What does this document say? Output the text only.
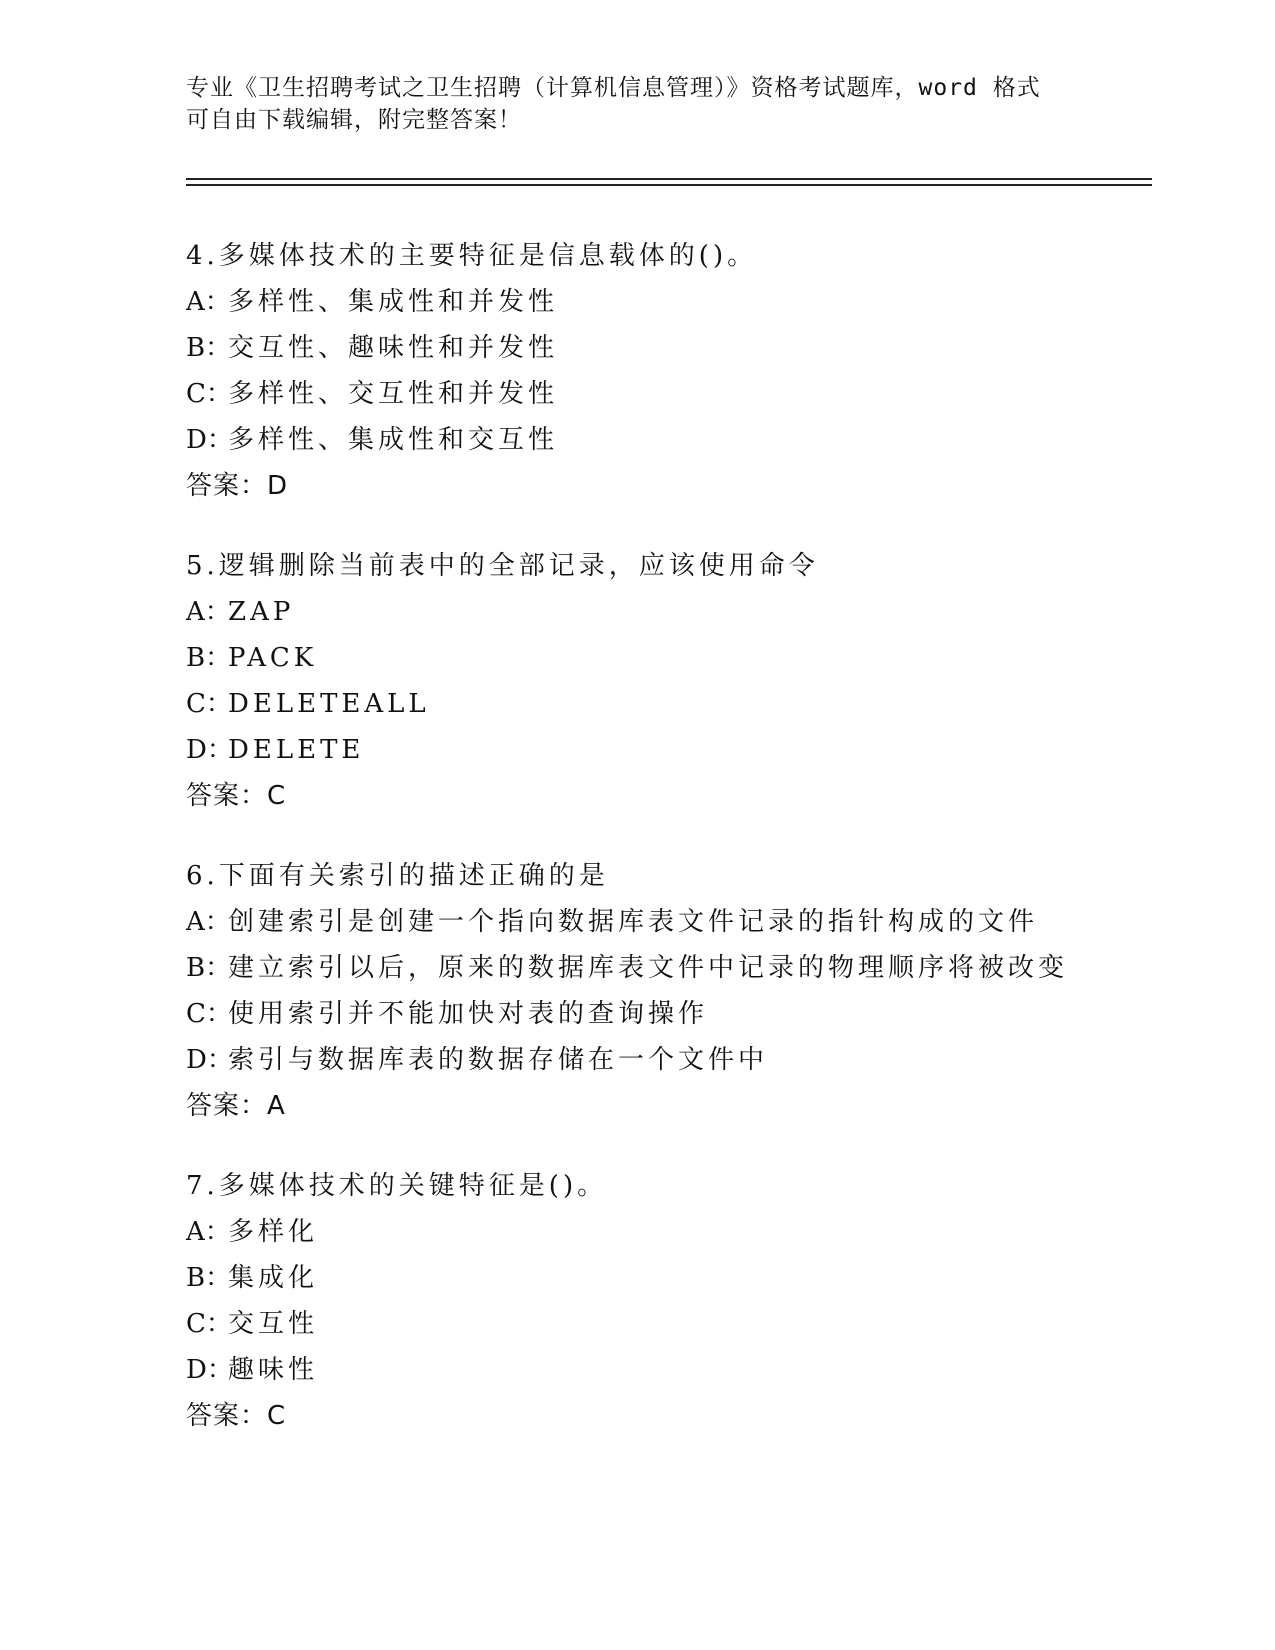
专业《卫生招聘考试之卫生招聘（计算机信息管理）》资格考试题库，word 格式
可自由下载编辑，附完整答案！
4.多媒体技术的主要特征是信息载体的()。
A：多样性、集成性和并发性
B：交互性、趣味性和并发性
C：多样性、交互性和并发性
D：多样性、集成性和交互性
答案：D
5.逻辑删除当前表中的全部记录，应该使用命令
A：ZAP
B：PACK
C：DELETEALL
D：DELETE
答案：C
6.下面有关索引的描述正确的是
A：创建索引是创建一个指向数据库表文件记录的指针构成的文件
B：建立索引以后，原来的数据库表文件中记录的物理顺序将被改变
C：使用索引并不能加快对表的查询操作
D：索引与数据库表的数据存储在一个文件中
答案：A
7.多媒体技术的关键特征是()。
A：多样化
B：集成化
C：交互性
D：趣味性
答案：C
